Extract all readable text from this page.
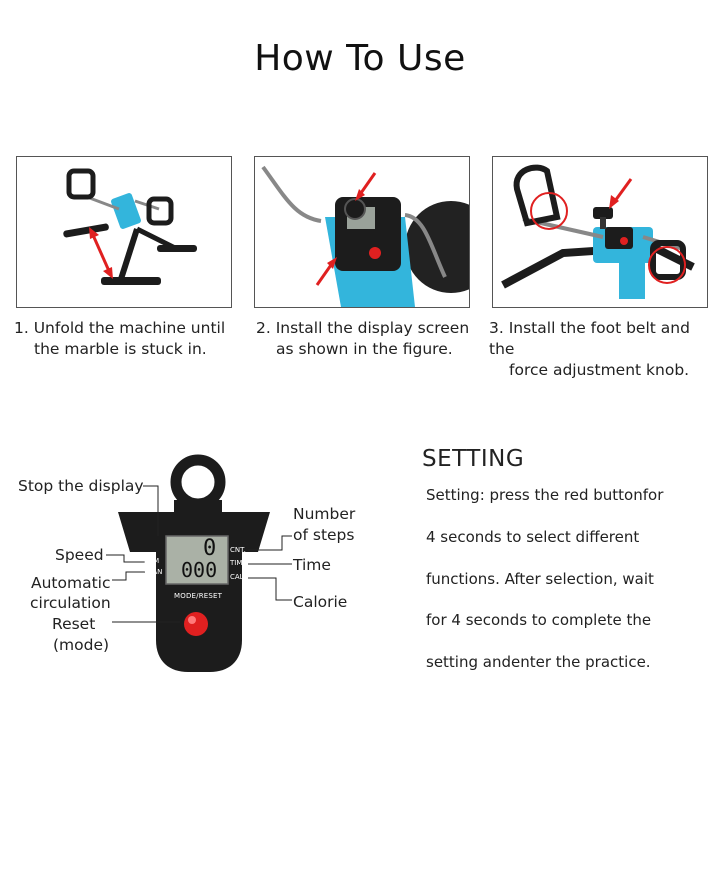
How To Use
1. Unfold the machine until
the marble is stuck in.
2. Install the display screen
as shown in the figure.
3. Install the foot belt and the
force adjustment knob.
0
000
RPM
SCAN
CNT.
TIME
CAL
MODE/RESET
Stop the display
Speed
Automatic
circulation
Reset
(mode)
Number
of steps
Time
Calorie
SETTING
Setting: press the red buttonfor
4 seconds to select different
functions. After selection, wait
for 4 seconds to complete the
setting andenter the practice.
